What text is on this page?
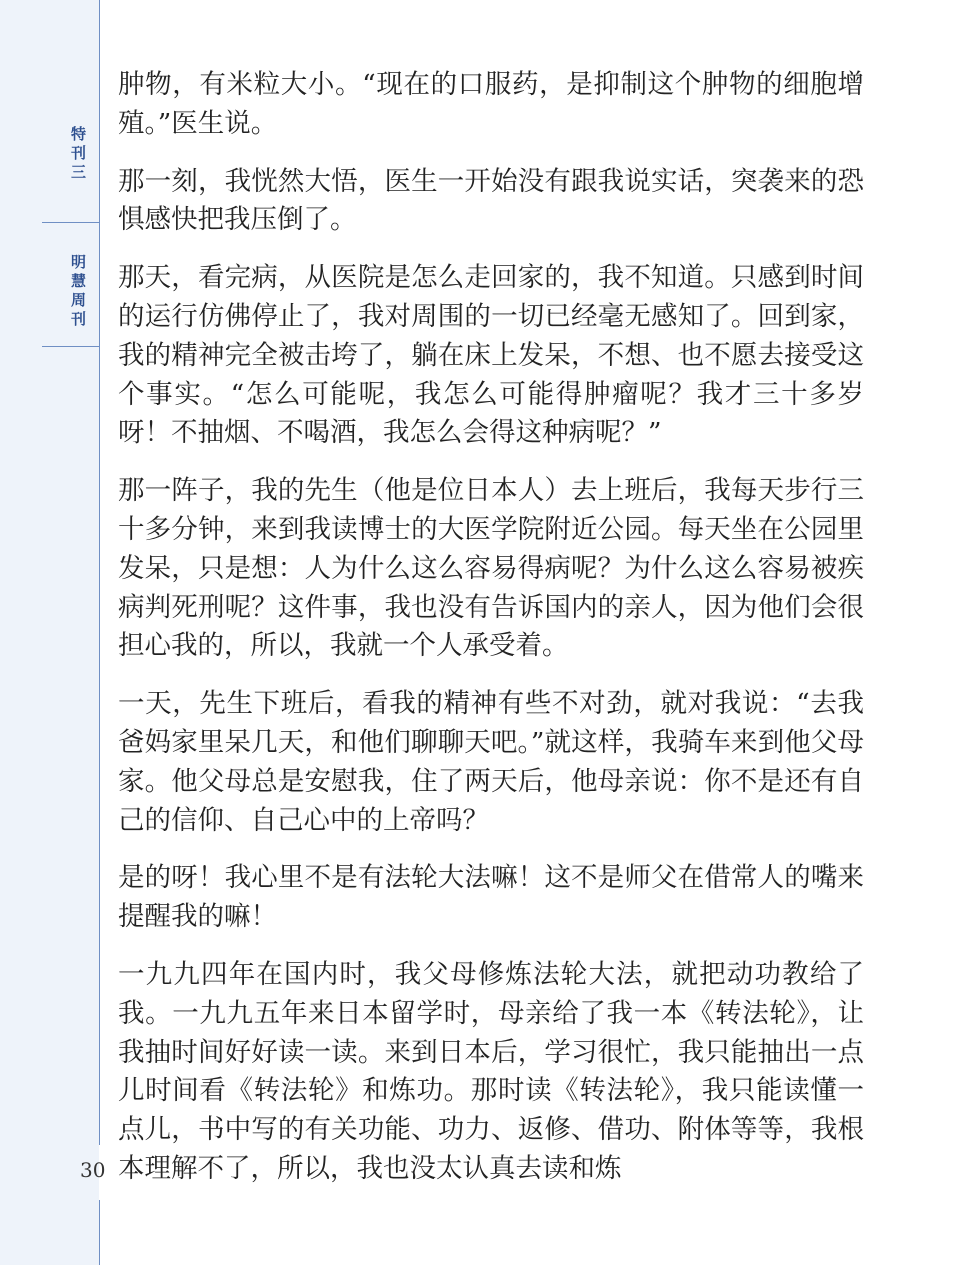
特刊三
明慧周刊

肿物，有米粒大小。“现在的口服药，是抑制这个肿物的细胞增殖。”医生说。

那一刻，我恍然大悟，医生一开始没有跟我说实话，突袭来的恐惧感快把我压倒了。

那天，看完病，从医院是怎么走回家的，我不知道。只感到时间的运行仿佛停止了，我对周围的一切已经毫无感知了。回到家，我的精神完全被击垮了，躺在床上发呆，不想、也不愿去接受这个事实。“怎么可能呢，我怎么可能得肿瘤呢？我才三十多岁呀！不抽烟、不喝酒，我怎么会得这种病呢？”

那一阵子，我的先生（他是位日本人）去上班后，我每天步行三十多分钟，来到我读博士的大医学院附近公园。每天坐在公园里发呆，只是想：人为什么这么容易得病呢？为什么这么容易被疾病判死刑呢？这件事，我也没有告诉国内的亲人，因为他们会很担心我的，所以，我就一个人承受着。

一天，先生下班后，看我的精神有些不对劲，就对我说：“去我爸妈家里呆几天，和他们聊聊天吧。”就这样，我骑车来到他父母家。他父母总是安慰我，住了两天后，他母亲说：你不是还有自己的信仰、自己心中的上帝吗？

是的呀！我心里不是有法轮大法嘛！这不是师父在借常人的嘴来提醒我的嘛！

一九九四年在国内时，我父母修炼法轮大法，就把动功教给了我。一九九五年来日本留学时，母亲给了我一本《转法轮》，让我抽时间好好读一读。来到日本后，学习很忙，我只能抽出一点儿时间看《转法轮》和炼功。那时读《转法轮》，我只能读懂一点儿，书中写的有关功能、功力、返修、借功、附体等等，我根本理解不了，所以，我也没太认真去读和炼

30
